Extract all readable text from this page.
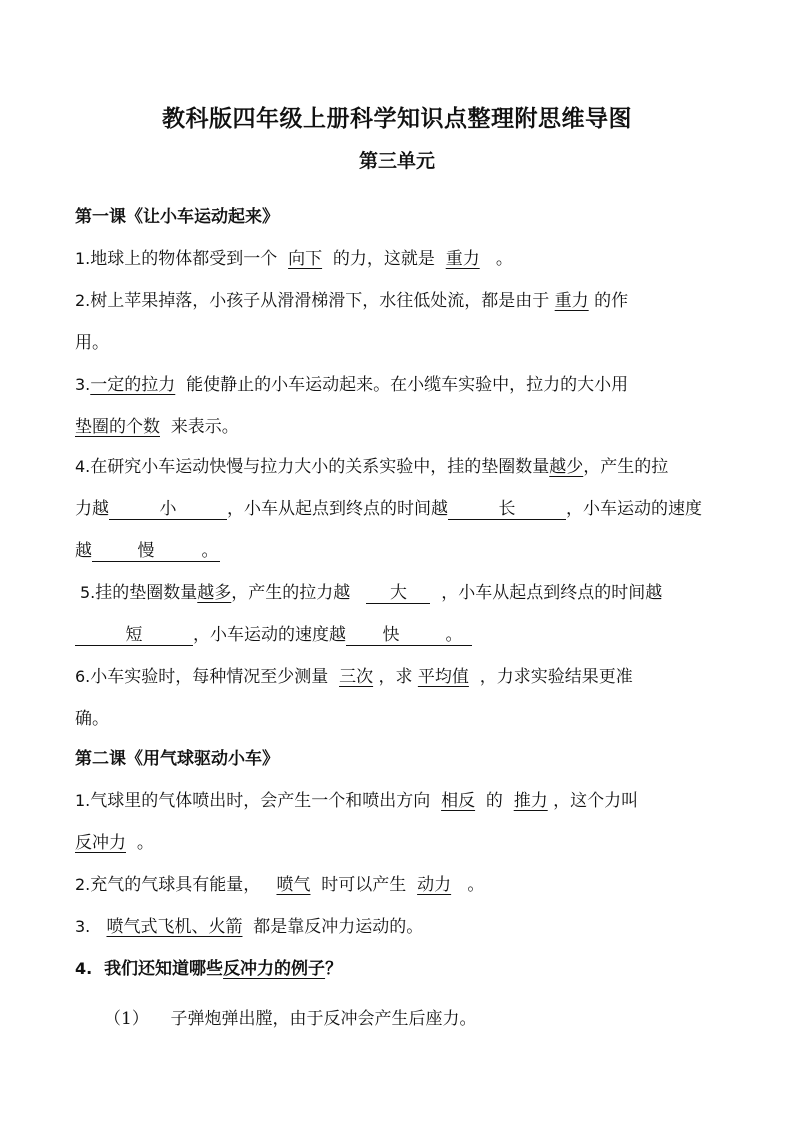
教科版四年级上册科学知识点整理附思维导图
第三单元
第一课《让小车运动起来》
1.地球上的物体都受到一个 向下 的力，这就是 重力 。
2.树上苹果掉落，小孩子从滑滑梯滑下，水往低处流，都是由于 重力 的作
用。
3.一定的拉力 能使静止的小车运动起来。在小缆车实验中，拉力的大小用
垫圈的个数 来表示。
4.在研究小车运动快慢与拉力大小的关系实验中，挂的垫圈数量越少，产生的拉
力越	小	，小车从起点到终点的时间越	长	，小车运动的速度
越	慢	。
5.挂的垫圈数量越多，产生的拉力越 大 ，小车从起点到终点的时间越
短	，小车运动的速度越 快	。
6.小车实验时，每种情况至少测量 三次 ，求 平均值 ，力求实验结果更准
确。
第二课《用气球驱动小车》
1.气球里的气体喷出时，会产生一个和喷出方向 相反 的 推力 ，这个力叫
反冲力 。
2.充气的气球具有能量， 喷气 时可以产生 动力 。
3. 喷气式飞机、火箭 都是靠反冲力运动的。
4. 我们还知道哪些反冲力的例子？
（1） 子弹炮弹出膛，由于反冲会产生后座力。
